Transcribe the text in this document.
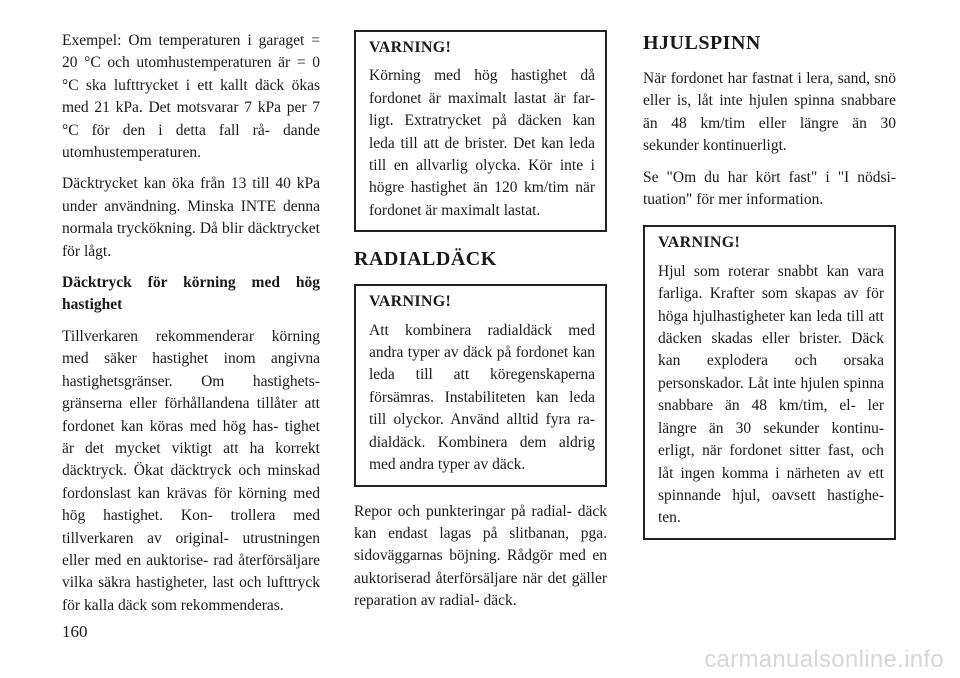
Exempel: Om temperaturen i garaget = 20 °C och utomhustemperaturen är = 0 °C ska lufttrycket i ett kallt däck ökas med 21 kPa. Det motsvarar 7 kPa per 7 °C för den i detta fall rå- dande utomhustemperaturen.

Däcktrycket kan öka från 13 till 40 kPa under användning. Minska INTE denna normala tryckökning. Då blir däcktrycket för lågt.

Däcktryck för körning med hög hastighet

Tillverkaren rekommenderar körning med säker hastighet inom angivna hastighetsgränser. Om hastighets- gränserna eller förhållandena tillåter att fordonet kan köras med hög has- tighet är det mycket viktigt att ha korrekt däcktryck. Ökat däcktryck och minskad fordonslast kan krävas för körning med hög hastighet. Kon- trollera med tillverkaren av original- utrustningen eller med en auktorise- rad återförsäljare vilka säkra hastigheter, last och lufttryck för kalla däck som rekommenderas.

VARNING!

Körning med hög hastighet då fordonet är maximalt lastat är far- ligt. Extratrycket på däcken kan leda till att de brister. Det kan leda till en allvarlig olycka. Kör inte i högre hastighet än 120 km/tim när fordonet är maximalt lastat.

RADIALDÄCK
VARNING!

Att kombinera radialdäck med andra typer av däck på fordonet kan leda till att köregenskaperna försämras. Instabiliteten kan leda till olyckor. Använd alltid fyra ra- dialdäck. Kombinera dem aldrig med andra typer av däck.

Repor och punkteringar på radial- däck kan endast lagas på slitbanan, pga. sidoväggarnas böjning. Rådgör med en auktoriserad återförsäljare när det gäller reparation av radial- däck.

HJULSPINN

När fordonet har fastnat i lera, sand, snö eller is, låt inte hjulen spinna snabbare än 48 km/tim eller längre än 30 sekunder kontinuerligt.

Se "Om du har kört fast" i "I nödsi- tuation" för mer information.

VARNING!

Hjul som roterar snabbt kan vara farliga. Krafter som skapas av för höga hjulhastigheter kan leda till att däcken skadas eller brister. Däck kan explodera och orsaka personskador. Låt inte hjulen spinna snabbare än 48 km/tim, el- ler längre än 30 sekunder kontinu- erligt, när fordonet sitter fast, och låt ingen komma i närheten av ett spinnande hjul, oavsett hastighe- ten.

160
carmanualsonline.info
